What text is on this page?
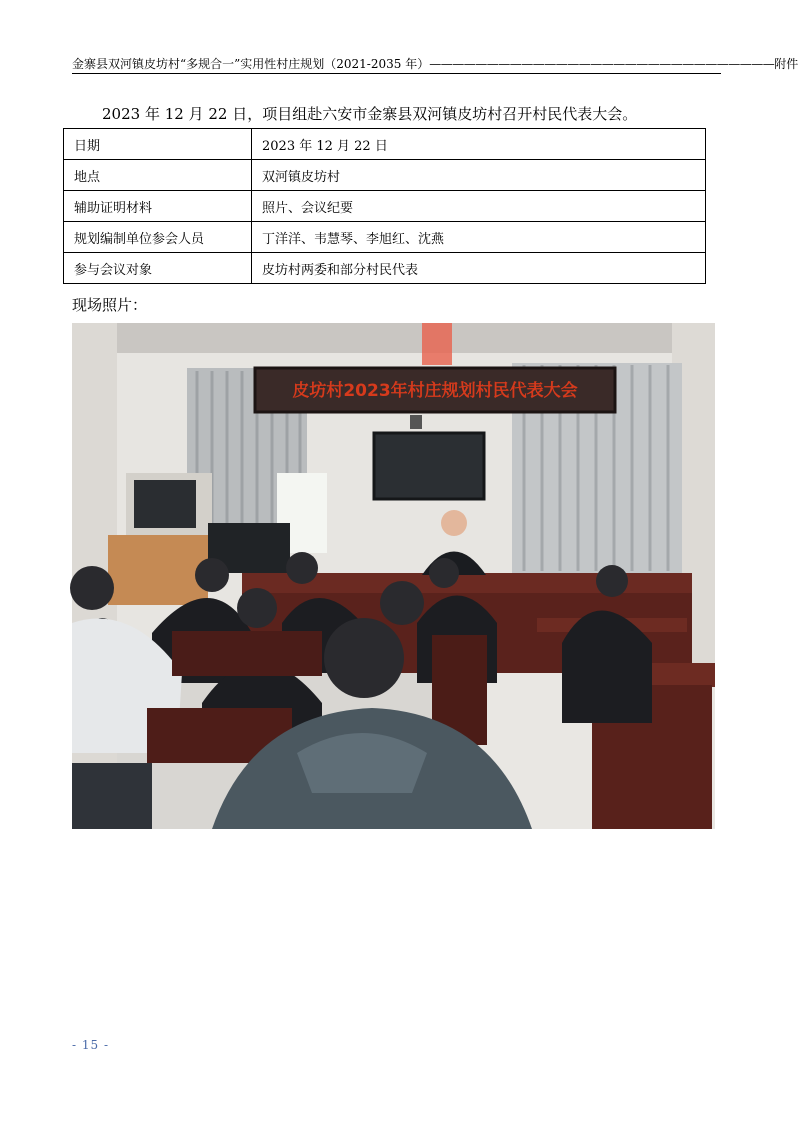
金寨县双河镇皮坊村“多规合一”实用性村庄规划（2021-2035 年） —————————————————————————————— 附件
2023 年 12 月 22 日，项目组赴六安市金寨县双河镇皮坊村召开村民代表大会。
日期	2023 年 12 月 22 日
地点	双河镇皮坊村
辅助证明材料	照片、会议纪要
规划编制单位参会人员	丁洋洋、韦慧琴、李旭红、沈燕
参与会议对象	皮坊村两委和部分村民代表
现场照片：
皮坊村2023年村庄规划村民代表大会
- 15 -
